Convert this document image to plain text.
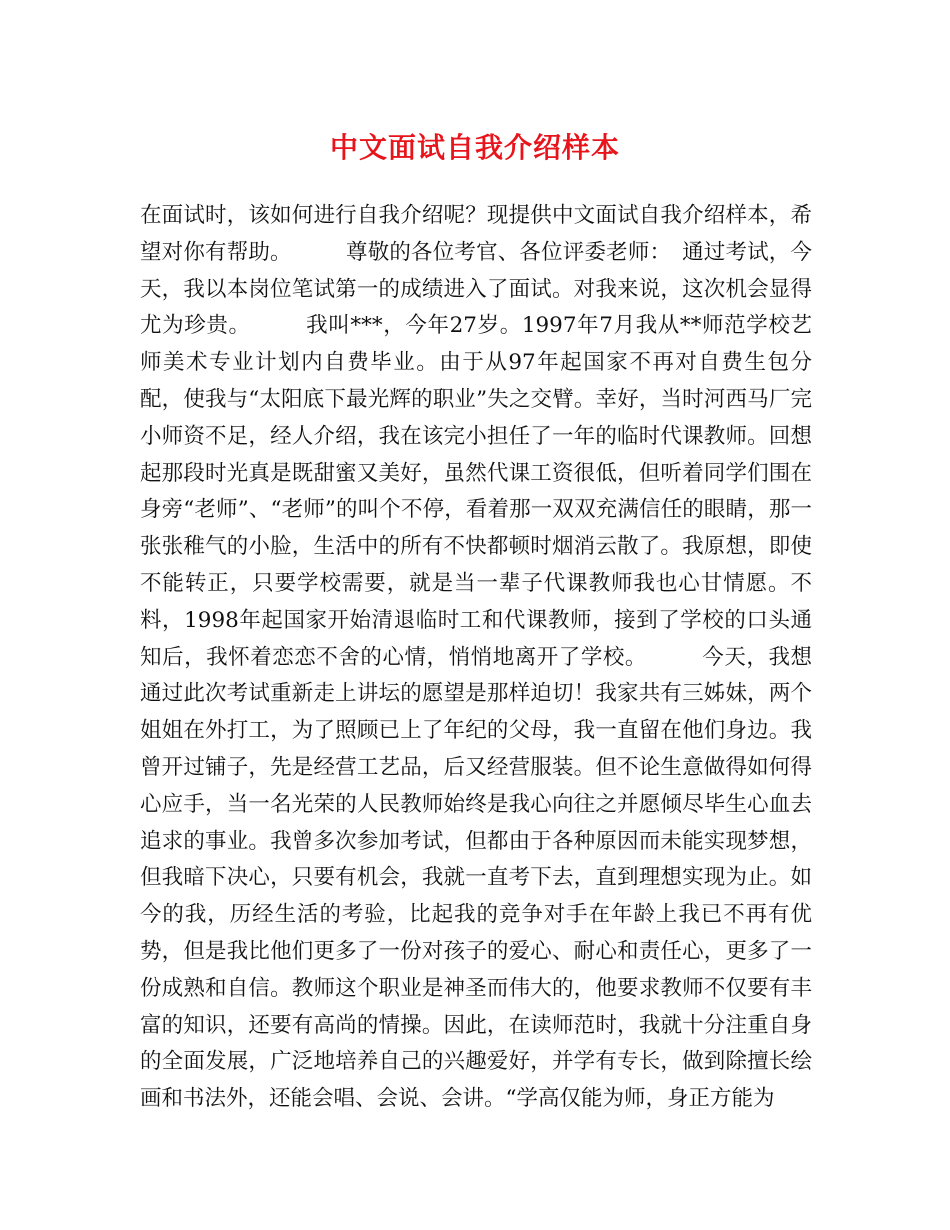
中文面试自我介绍样本

在面试时，该如何进行自我介绍呢？现提供中文面试自我介绍样本，希望对你有帮助。　　　尊敬的各位考官、各位评委老师：　通过考试，今天，我以本岗位笔试第一的成绩进入了面试。对我来说，这次机会显得尤为珍贵。　　　我叫***，今年27岁。1997年7月我从**师范学校艺师美术专业计划内自费毕业。由于从97年起国家不再对自费生包分配，使我与“太阳底下最光辉的职业”失之交臂。幸好，当时河西马厂完小师资不足，经人介绍，我在该完小担任了一年的临时代课教师。回想起那段时光真是既甜蜜又美好，虽然代课工资很低，但听着同学们围在身旁“老师”、“老师”的叫个不停，看着那一双双充满信任的眼睛，那一张张稚气的小脸，生活中的所有不快都顿时烟消云散了。我原想，即使不能转正，只要学校需要，就是当一辈子代课教师我也心甘情愿。不料，1998年起国家开始清退临时工和代课教师，接到了学校的口头通知后，我怀着恋恋不舍的心情，悄悄地离开了学校。　　　今天，我想通过此次考试重新走上讲坛的愿望是那样迫切！我家共有三姊妹，两个姐姐在外打工，为了照顾已上了年纪的父母，我一直留在他们身边。我曾开过铺子，先是经营工艺品，后又经营服装。但不论生意做得如何得心应手，当一名光荣的人民教师始终是我心向往之并愿倾尽毕生心血去追求的事业。我曾多次参加考试，但都由于各种原因而未能实现梦想，但我暗下决心，只要有机会，我就一直考下去，直到理想实现为止。如今的我，历经生活的考验，比起我的竞争对手在年龄上我已不再有优势，但是我比他们更多了一份对孩子的爱心、耐心和责任心，更多了一份成熟和自信。教师这个职业是神圣而伟大的，他要求教师不仅要有丰富的知识，还要有高尚的情操。因此，在读师范时，我就十分注重自身的全面发展，广泛地培养自己的兴趣爱好，并学有专长，做到除擅长绘画和书法外，还能会唱、会说、会讲。“学高仅能为师，身正方能为
